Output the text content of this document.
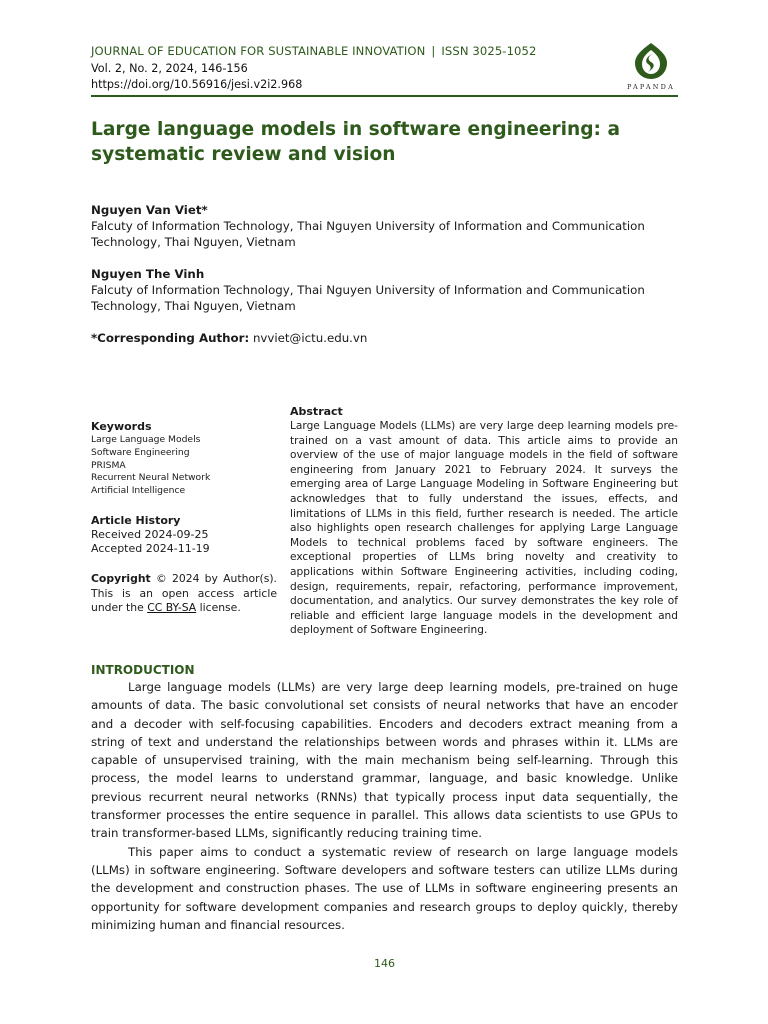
JOURNAL OF EDUCATION FOR SUSTAINABLE INNOVATION | ISSN 3025-1052
Vol. 2, No. 2, 2024, 146-156
https://doi.org/10.56916/jesi.v2i2.968	PAPANDA
Large language models in software engineering: a systematic review and vision
Nguyen Van Viet*
Falcuty of Information Technology, Thai Nguyen University of Information and Communication Technology, Thai Nguyen, Vietnam
Nguyen The Vinh
Falcuty of Information Technology, Thai Nguyen University of Information and Communication Technology, Thai Nguyen, Vietnam
*Corresponding Author: nvviet@ictu.edu.vn
Keywords
Large Language Models
Software Engineering
PRISMA
Recurrent Neural Network
Artificial Intelligence
Article History
Received 2024-09-25
Accepted 2024-11-19
Copyright © 2024 by Author(s). This is an open access article under the CC BY-SA license.
Abstract

Large Language Models (LLMs) are very large deep learning models pre-trained on a vast amount of data. This article aims to provide an overview of the use of major language models in the field of software engineering from January 2021 to February 2024. It surveys the emerging area of Large Language Modeling in Software Engineering but acknowledges that to fully understand the issues, effects, and limitations of LLMs in this field, further research is needed. The article also highlights open research challenges for applying Large Language Models to technical problems faced by software engineers. The exceptional properties of LLMs bring novelty and creativity to applications within Software Engineering activities, including coding, design, requirements, repair, refactoring, performance improvement, documentation, and analytics. Our survey demonstrates the key role of reliable and efficient large language models in the development and deployment of Software Engineering.

INTRODUCTION

Large language models (LLMs) are very large deep learning models, pre-trained on huge amounts of data. The basic convolutional set consists of neural networks that have an encoder and a decoder with self-focusing capabilities. Encoders and decoders extract meaning from a string of text and understand the relationships between words and phrases within it. LLMs are capable of unsupervised training, with the main mechanism being self-learning. Through this process, the model learns to understand grammar, language, and basic knowledge. Unlike previous recurrent neural networks (RNNs) that typically process input data sequentially, the transformer processes the entire sequence in parallel. This allows data scientists to use GPUs to train transformer-based LLMs, significantly reducing training time.

This paper aims to conduct a systematic review of research on large language models (LLMs) in software engineering. Software developers and software testers can utilize LLMs during the development and construction phases. The use of LLMs in software engineering presents an opportunity for software development companies and research groups to deploy quickly, thereby minimizing human and financial resources.

146
